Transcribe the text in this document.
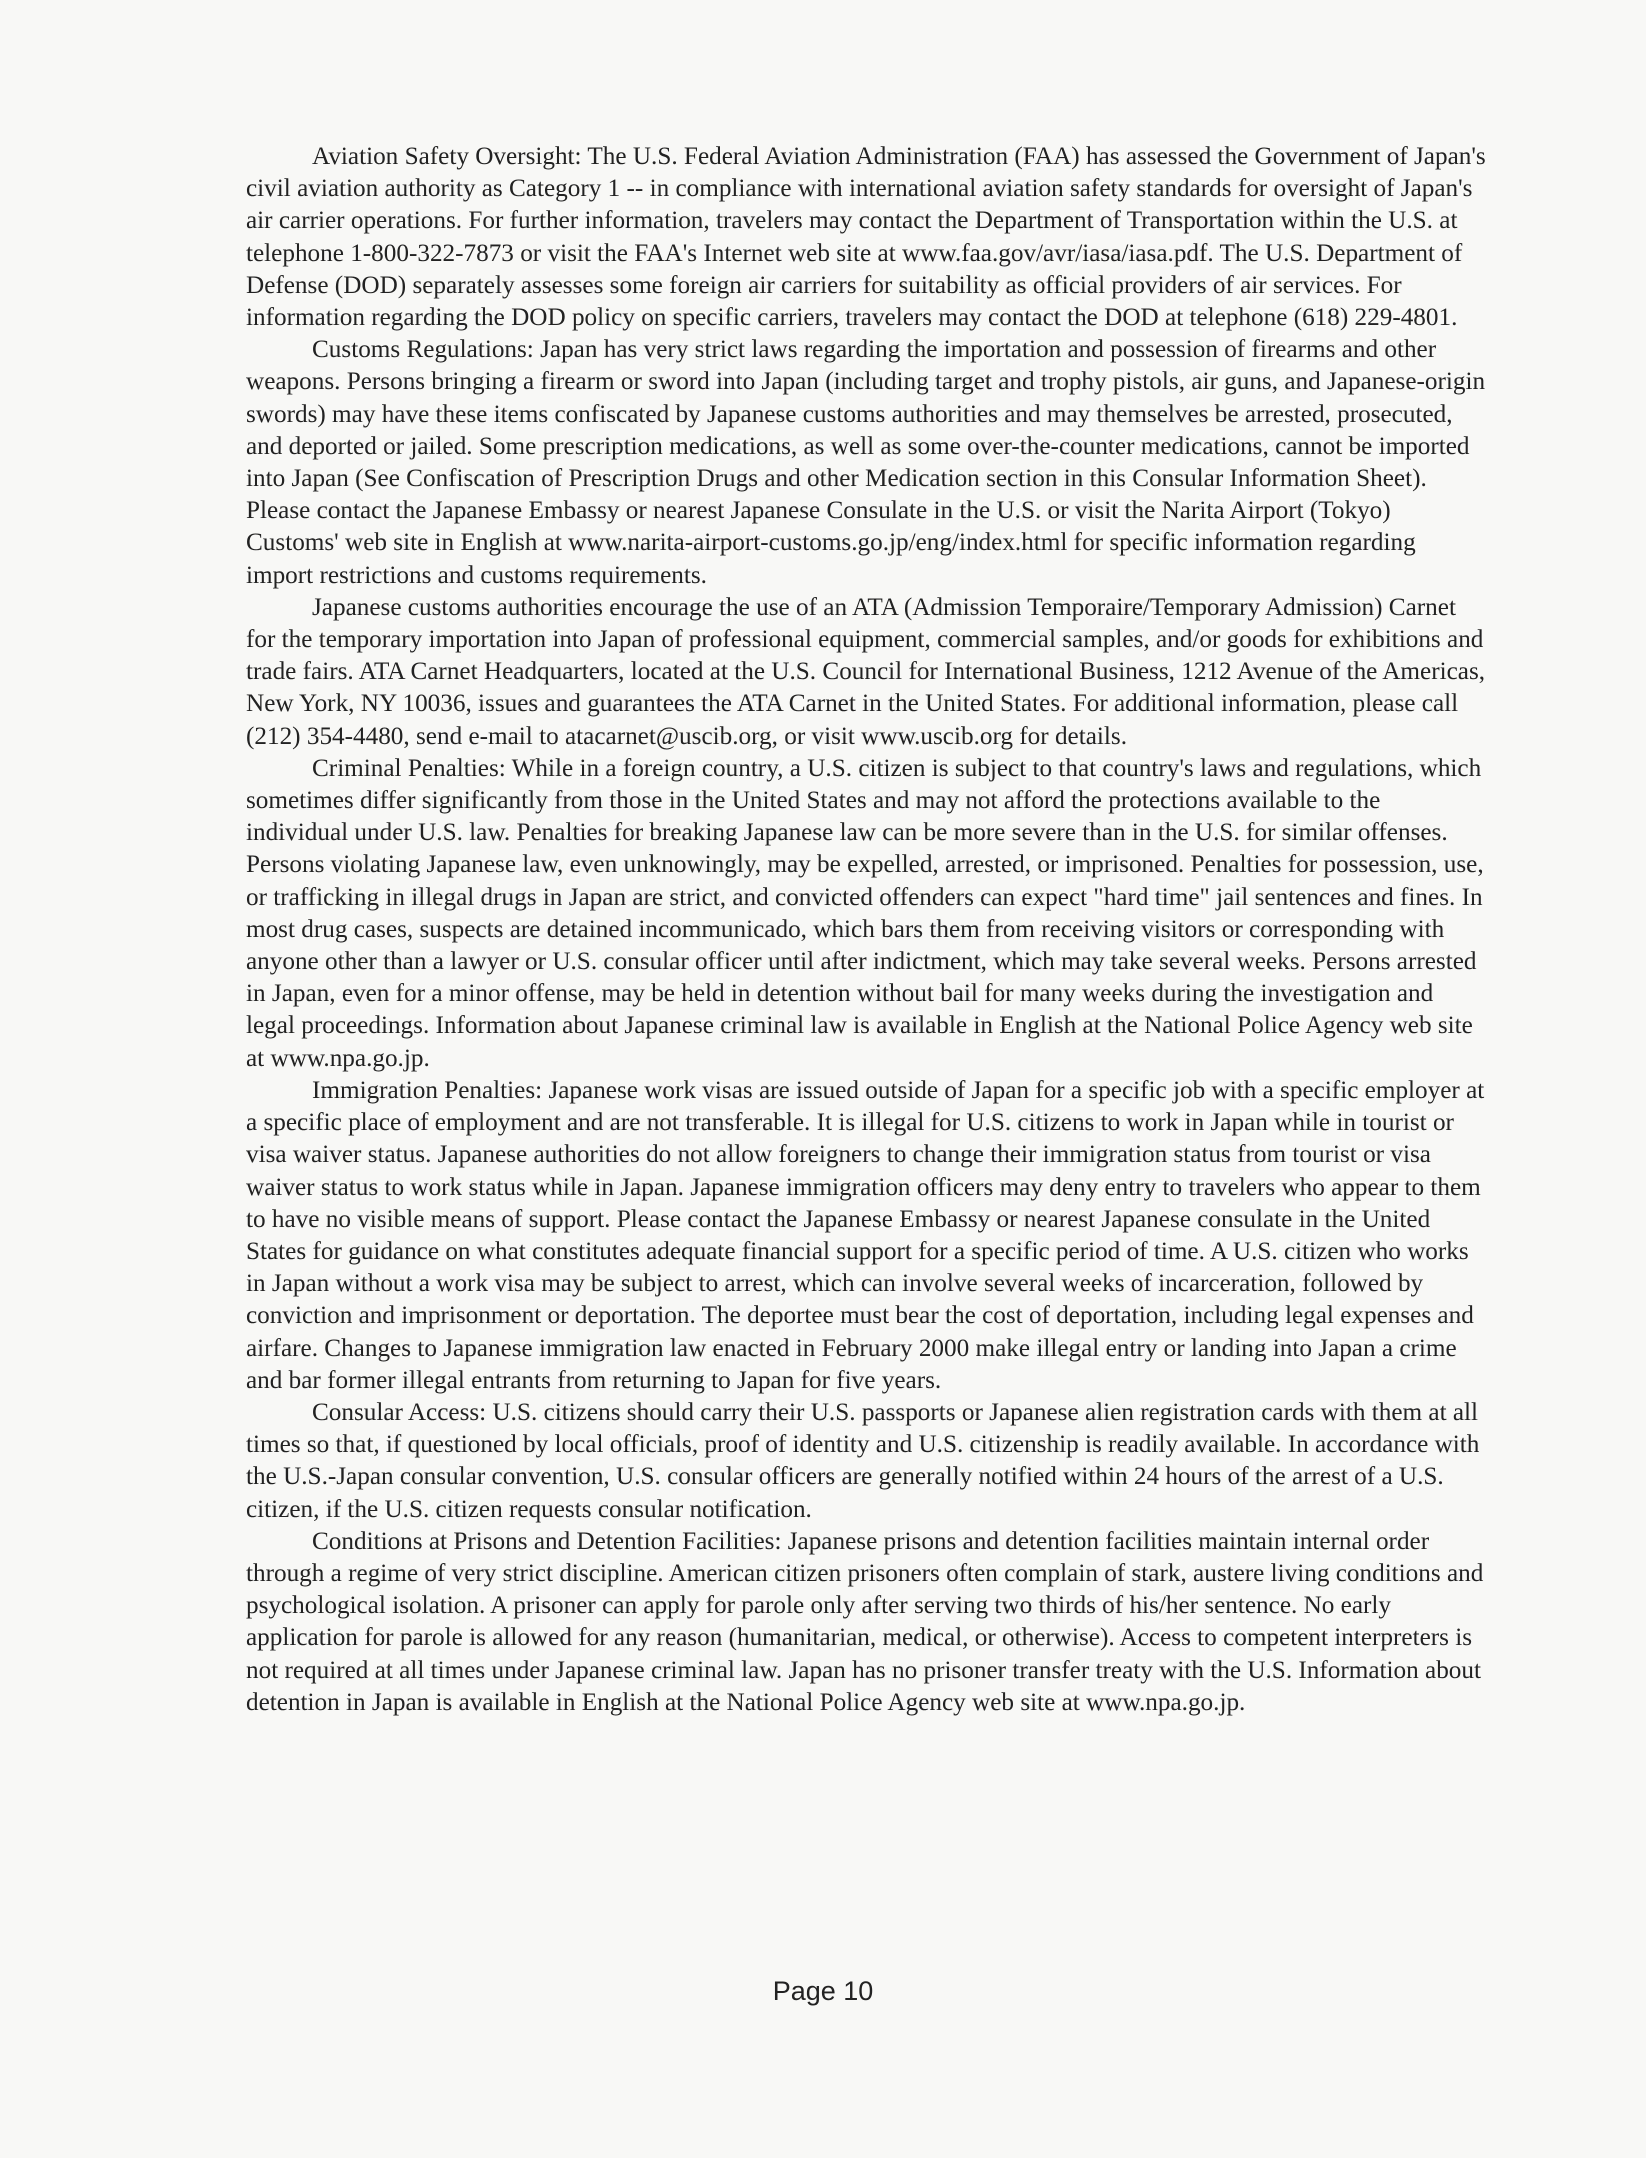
Aviation Safety Oversight: The U.S. Federal Aviation Administration (FAA) has assessed the Government of Japan's civil aviation authority as Category 1 -- in compliance with international aviation safety standards for oversight of Japan's air carrier operations. For further information, travelers may contact the Department of Transportation within the U.S. at telephone 1-800-322-7873 or visit the FAA's Internet web site at www.faa.gov/avr/iasa/iasa.pdf. The U.S. Department of Defense (DOD) separately assesses some foreign air carriers for suitability as official providers of air services. For information regarding the DOD policy on specific carriers, travelers may contact the DOD at telephone (618) 229-4801.

Customs Regulations: Japan has very strict laws regarding the importation and possession of firearms and other weapons. Persons bringing a firearm or sword into Japan (including target and trophy pistols, air guns, and Japanese-origin swords) may have these items confiscated by Japanese customs authorities and may themselves be arrested, prosecuted, and deported or jailed. Some prescription medications, as well as some over-the-counter medications, cannot be imported into Japan (See Confiscation of Prescription Drugs and other Medication section in this Consular Information Sheet). Please contact the Japanese Embassy or nearest Japanese Consulate in the U.S. or visit the Narita Airport (Tokyo) Customs' web site in English at www.narita-airport-customs.go.jp/eng/index.html for specific information regarding import restrictions and customs requirements.

Japanese customs authorities encourage the use of an ATA (Admission Temporaire/Temporary Admission) Carnet for the temporary importation into Japan of professional equipment, commercial samples, and/or goods for exhibitions and trade fairs. ATA Carnet Headquarters, located at the U.S. Council for International Business, 1212 Avenue of the Americas, New York, NY 10036, issues and guarantees the ATA Carnet in the United States. For additional information, please call (212) 354-4480, send e-mail to atacarnet@uscib.org, or visit www.uscib.org for details.

Criminal Penalties: While in a foreign country, a U.S. citizen is subject to that country's laws and regulations, which sometimes differ significantly from those in the United States and may not afford the protections available to the individual under U.S. law. Penalties for breaking Japanese law can be more severe than in the U.S. for similar offenses. Persons violating Japanese law, even unknowingly, may be expelled, arrested, or imprisoned. Penalties for possession, use, or trafficking in illegal drugs in Japan are strict, and convicted offenders can expect "hard time" jail sentences and fines. In most drug cases, suspects are detained incommunicado, which bars them from receiving visitors or corresponding with anyone other than a lawyer or U.S. consular officer until after indictment, which may take several weeks. Persons arrested in Japan, even for a minor offense, may be held in detention without bail for many weeks during the investigation and legal proceedings. Information about Japanese criminal law is available in English at the National Police Agency web site at www.npa.go.jp.

Immigration Penalties: Japanese work visas are issued outside of Japan for a specific job with a specific employer at a specific place of employment and are not transferable. It is illegal for U.S. citizens to work in Japan while in tourist or visa waiver status. Japanese authorities do not allow foreigners to change their immigration status from tourist or visa waiver status to work status while in Japan. Japanese immigration officers may deny entry to travelers who appear to them to have no visible means of support. Please contact the Japanese Embassy or nearest Japanese consulate in the United States for guidance on what constitutes adequate financial support for a specific period of time. A U.S. citizen who works in Japan without a work visa may be subject to arrest, which can involve several weeks of incarceration, followed by conviction and imprisonment or deportation. The deportee must bear the cost of deportation, including legal expenses and airfare. Changes to Japanese immigration law enacted in February 2000 make illegal entry or landing into Japan a crime and bar former illegal entrants from returning to Japan for five years.

Consular Access: U.S. citizens should carry their U.S. passports or Japanese alien registration cards with them at all times so that, if questioned by local officials, proof of identity and U.S. citizenship is readily available. In accordance with the U.S.-Japan consular convention, U.S. consular officers are generally notified within 24 hours of the arrest of a U.S. citizen, if the U.S. citizen requests consular notification.

Conditions at Prisons and Detention Facilities: Japanese prisons and detention facilities maintain internal order through a regime of very strict discipline. American citizen prisoners often complain of stark, austere living conditions and psychological isolation. A prisoner can apply for parole only after serving two thirds of his/her sentence. No early application for parole is allowed for any reason (humanitarian, medical, or otherwise). Access to competent interpreters is not required at all times under Japanese criminal law. Japan has no prisoner transfer treaty with the U.S. Information about detention in Japan is available in English at the National Police Agency web site at www.npa.go.jp.

Page 10
